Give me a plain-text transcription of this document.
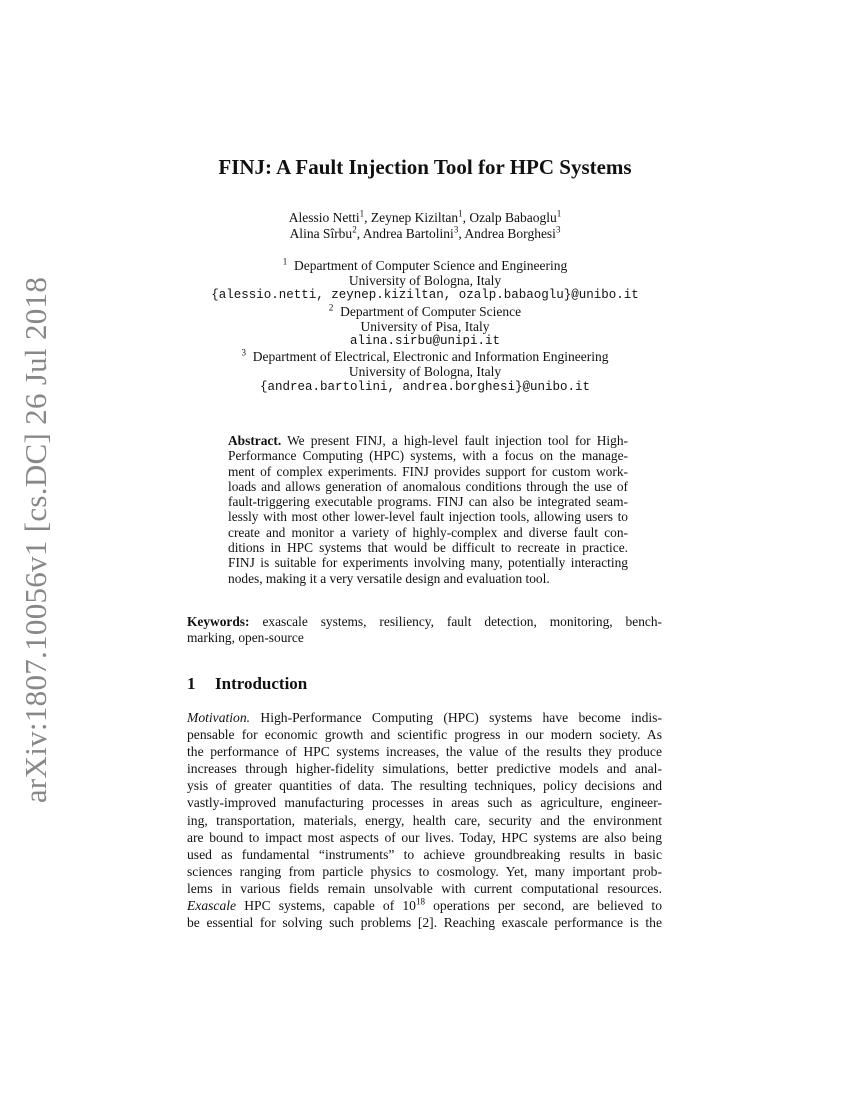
arXiv:1807.10056v1 [cs.DC] 26 Jul 2018
FINJ: A Fault Injection Tool for HPC Systems
Alessio Netti$^1$, Zeynep Kiziltan$^1$, Ozalp Babaoglu$^1$
Alina Sîrbu$^2$, Andrea Bartolini$^3$, Andrea Borghesi$^3$
$^1$ Department of Computer Science and Engineering
University of Bologna, Italy
{alessio.netti, zeynep.kiziltan, ozalp.babaoglu}@unibo.it
$^2$ Department of Computer Science
University of Pisa, Italy
alina.sirbu@unipi.it
$^3$ Department of Electrical, Electronic and Information Engineering
University of Bologna, Italy
{andrea.bartolini, andrea.borghesi}@unibo.it
Abstract. We present FINJ, a high-level fault injection tool for High-
Performance Computing (HPC) systems, with a focus on the manage-
ment of complex experiments. FINJ provides support for custom work-
loads and allows generation of anomalous conditions through the use of
fault-triggering executable programs. FINJ can also be integrated seam-
lessly with most other lower-level fault injection tools, allowing users to
create and monitor a variety of highly-complex and diverse fault con-
ditions in HPC systems that would be difficult to recreate in practice.
FINJ is suitable for experiments involving many, potentially interacting
nodes, making it a very versatile design and evaluation tool.
Keywords: exascale systems, resiliency, fault detection, monitoring, bench-
marking, open-source
1 Introduction
Motivation. High-Performance Computing (HPC) systems have become indis-
pensable for economic growth and scientific progress in our modern society. As
the performance of HPC systems increases, the value of the results they produce
increases through higher-fidelity simulations, better predictive models and anal-
ysis of greater quantities of data. The resulting techniques, policy decisions and
vastly-improved manufacturing processes in areas such as agriculture, engineer-
ing, transportation, materials, energy, health care, security and the environment
are bound to impact most aspects of our lives. Today, HPC systems are also being
used as fundamental “instruments” to achieve groundbreaking results in basic
sciences ranging from particle physics to cosmology. Yet, many important prob-
lems in various fields remain unsolvable with current computational resources.
Exascale HPC systems, capable of $10^{18}$ operations per second, are believed to
be essential for solving such problems [2]. Reaching exascale performance is the
